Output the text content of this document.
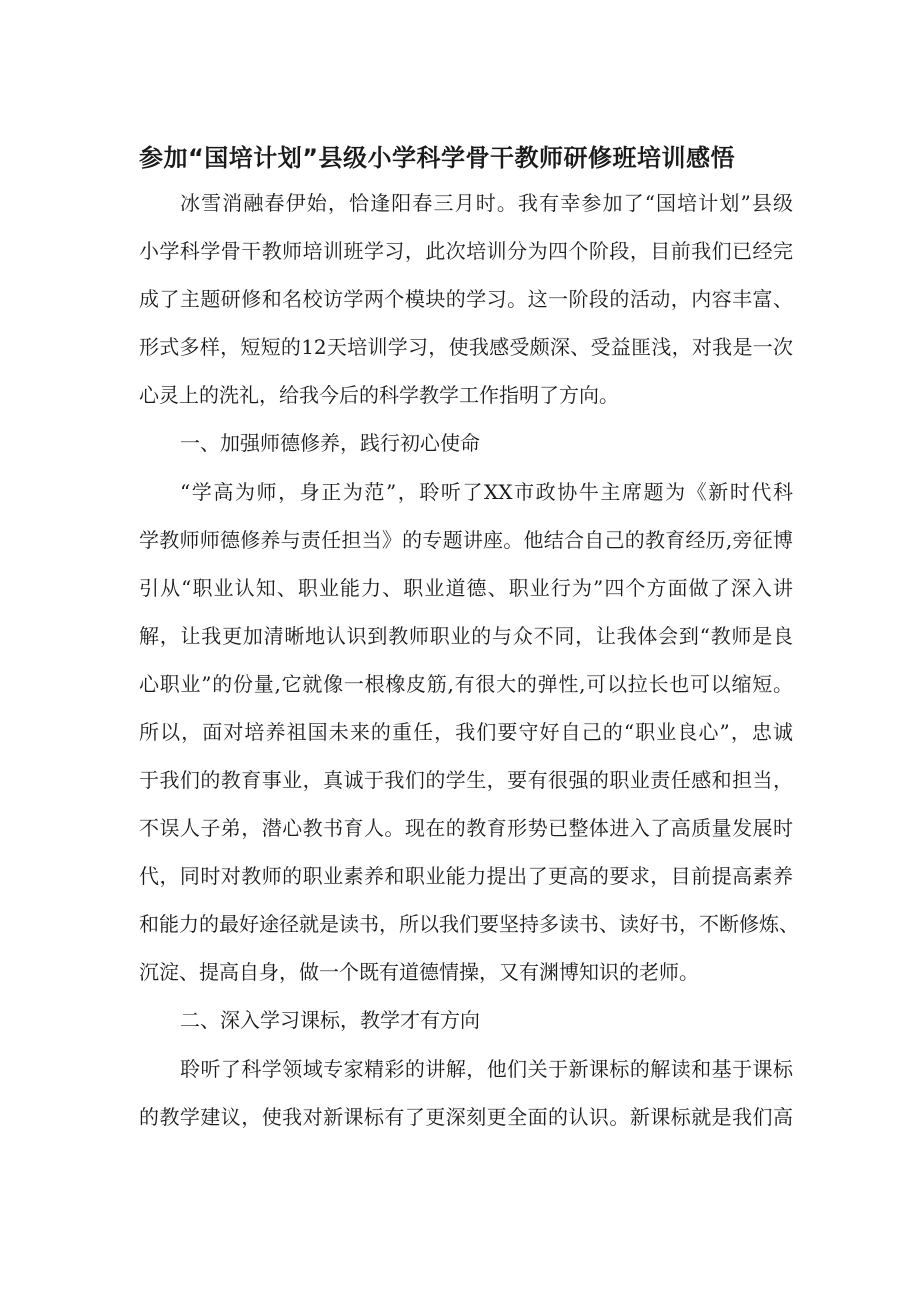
参加“国培计划”县级小学科学骨干教师研修班培训感悟

冰雪消融春伊始，恰逢阳春三月时。我有幸参加了“国培计划”县级

小学科学骨干教师培训班学习，此次培训分为四个阶段，目前我们已经完

成了主题研修和名校访学两个模块的学习。这一阶段的活动，内容丰富、

形式多样，短短的12天培训学习，使我感受颇深、受益匪浅，对我是一次

心灵上的洗礼，给我今后的科学教学工作指明了方向。

一、加强师德修养，践行初心使命

“学高为师，身正为范”，聆听了XX市政协牛主席题为《新时代科

学教师师德修养与责任担当》的专题讲座。他结合自己的教育经历,旁征博

引从“职业认知、职业能力、职业道德、职业行为”四个方面做了深入讲

解，让我更加清晰地认识到教师职业的与众不同，让我体会到“教师是良

心职业”的份量,它就像一根橡皮筋,有很大的弹性,可以拉长也可以缩短。

所以，面对培养祖国未来的重任，我们要守好自己的“职业良心”，忠诚

于我们的教育事业，真诚于我们的学生，要有很强的职业责任感和担当，

不误人子弟，潜心教书育人。现在的教育形势已整体进入了高质量发展时

代，同时对教师的职业素养和职业能力提出了更高的要求，目前提高素养

和能力的最好途径就是读书，所以我们要坚持多读书、读好书，不断修炼、

沉淀、提高自身，做一个既有道德情操，又有渊博知识的老师。

二、深入学习课标，教学才有方向

聆听了科学领域专家精彩的讲解，他们关于新课标的解读和基于课标

的教学建议，使我对新课标有了更深刻更全面的认识。新课标就是我们高
